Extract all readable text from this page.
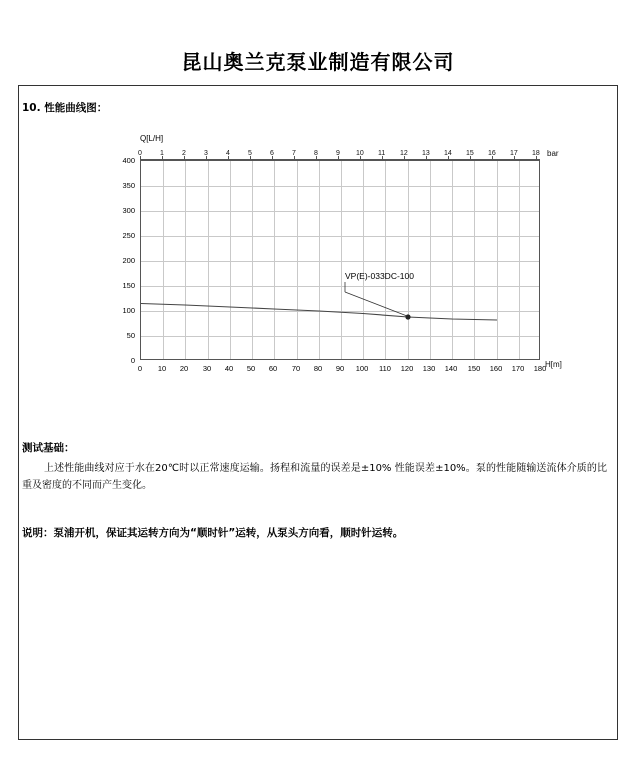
昆山奥兰克泵业制造有限公司
10. 性能曲线图：
0	1	2	3	4	5	6	7	8	9 10 11 12 13 14 15 16 17 18 bar
Q[L/H]
400
350
300
250
200
150
100
50
0
VP(E)-033DC-100
0	10	20	30	40	50	60	70	80	90	100	110	120	130	140	150	160	170	180
H[m]
测试基础：
上述性能曲线对应于水在20℃时以正常速度运输。扬程和流量的误差是±10% 性能误差±10%。泵的性能随输送流体介质的比重及密度的不同而产生变化。
说明：泵浦开机，保证其运转方向为“顺时针”运转，从泵头方向看，顺时针运转。
